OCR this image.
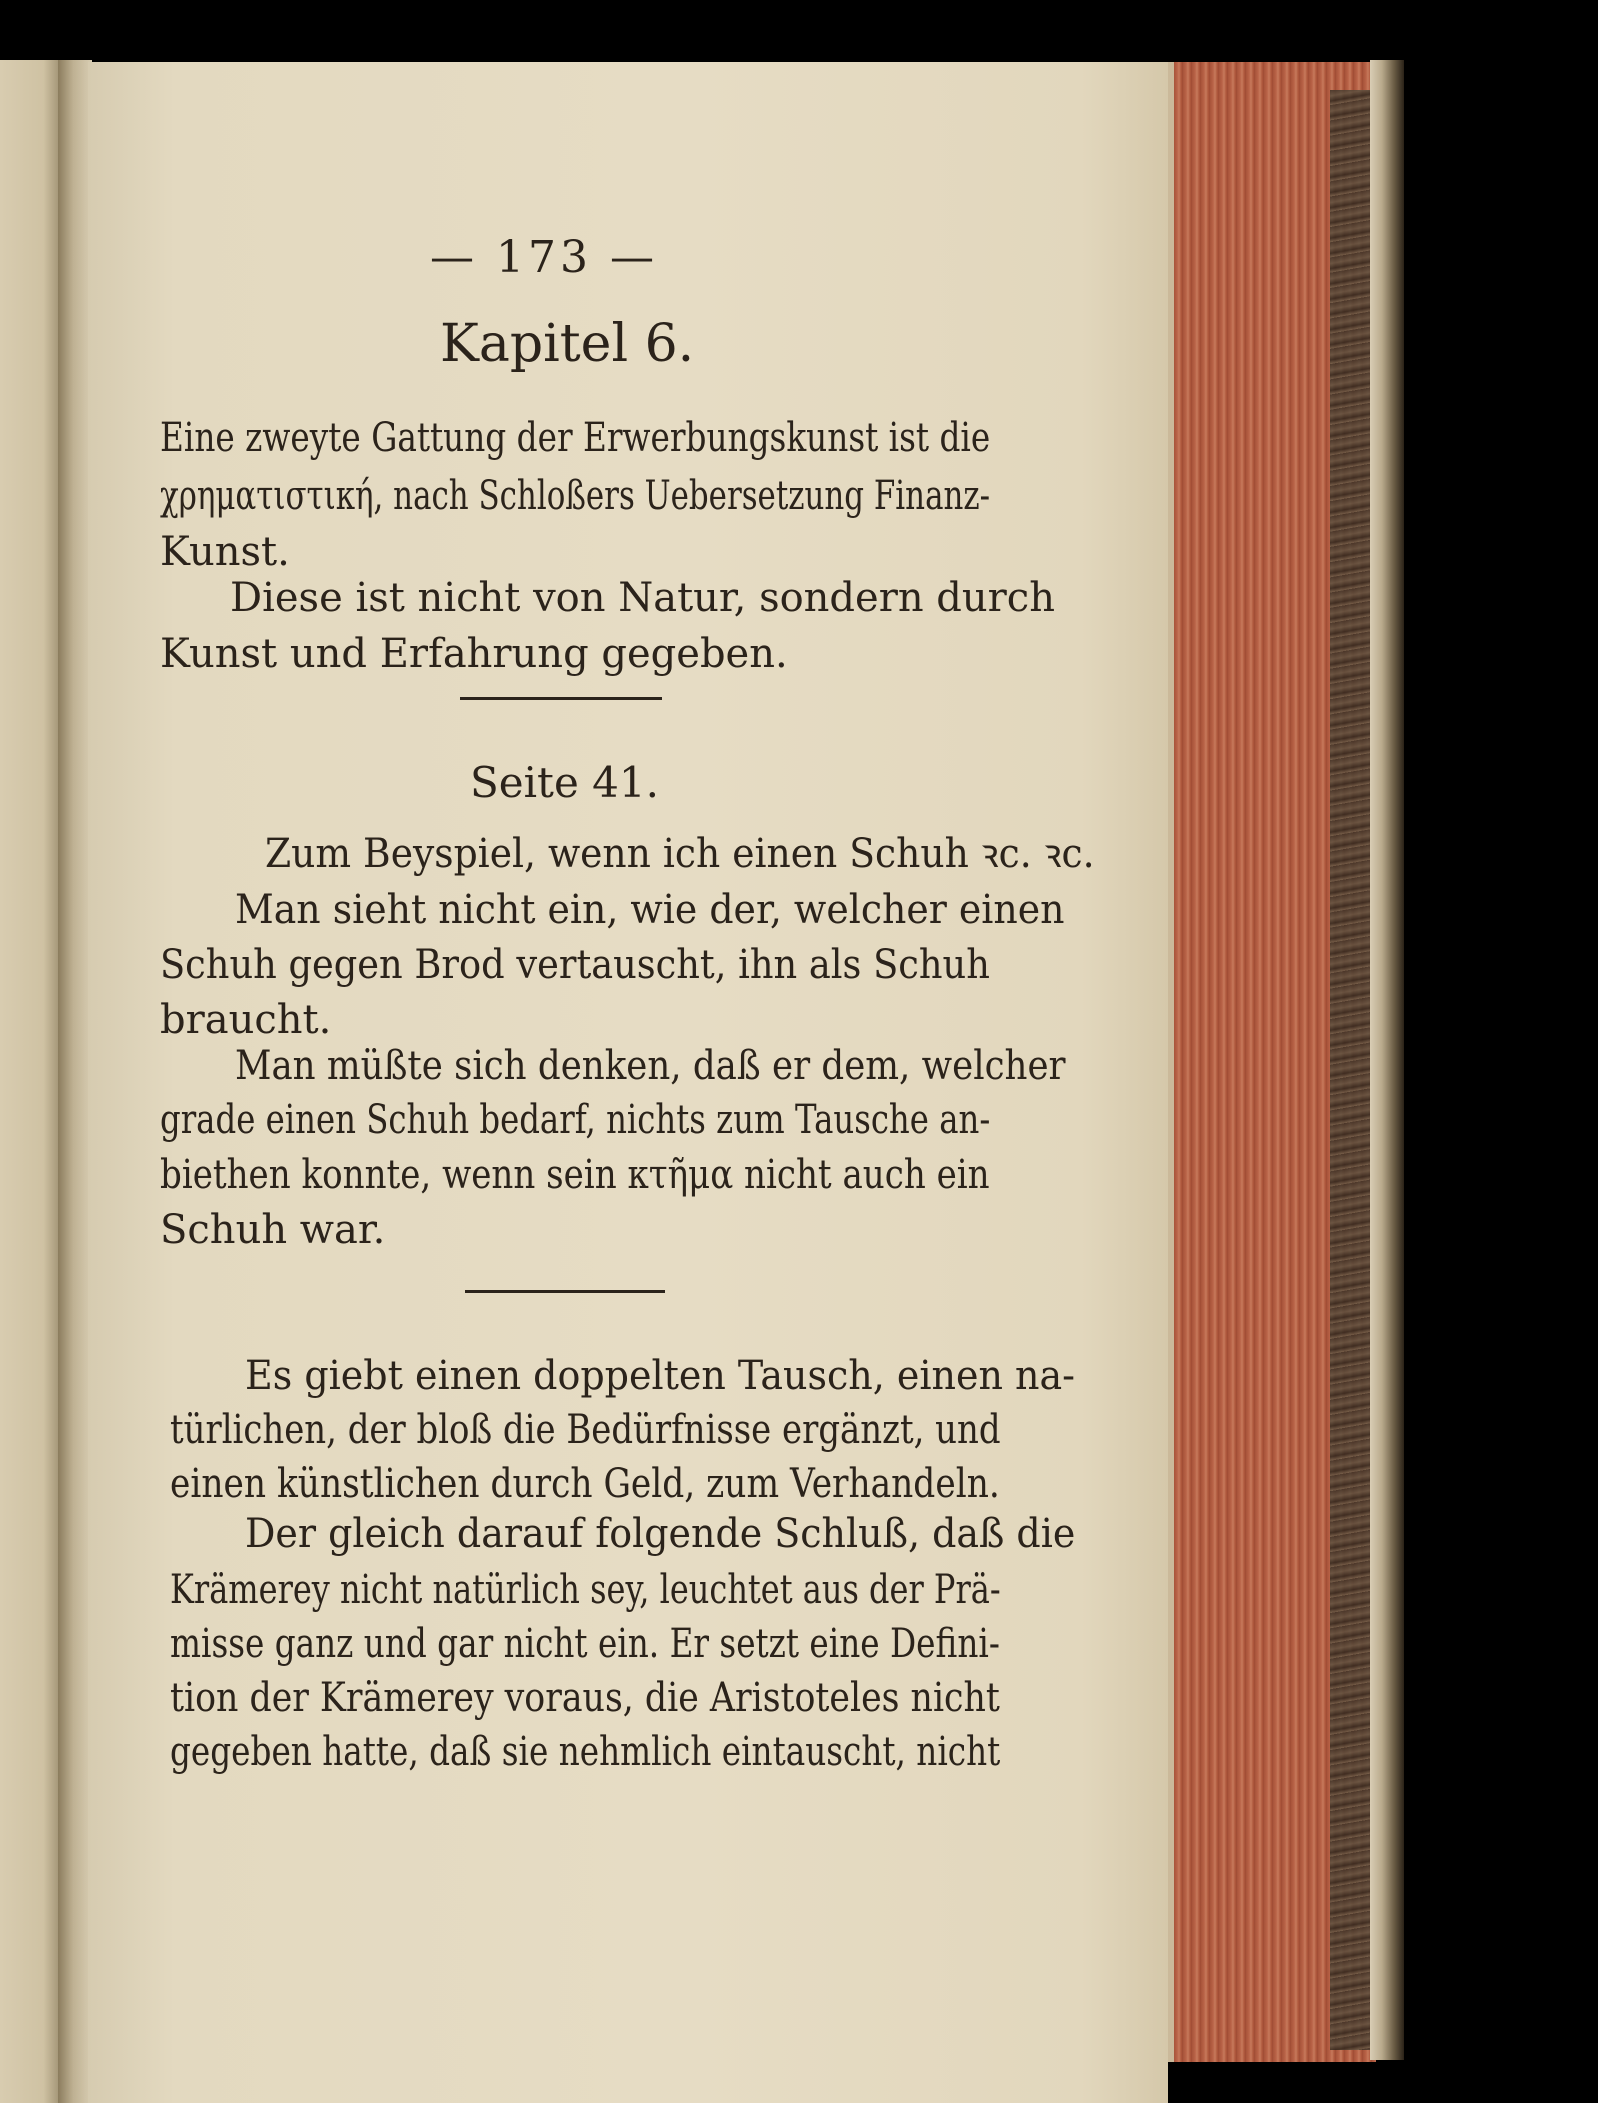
— 173 —

Kapitel 6.

Eine zweyte Gattung der Erwerbungskunst ist die

χρηματιστική, nach Schloßers Uebersetzung Finanz-

Kunst.

Diese ist nicht von Natur, sondern durch

Kunst und Erfahrung gegeben.

Seite 41.

Zum Beyspiel, wenn ich einen Schuh ꝛc. ꝛc.

Man sieht nicht ein, wie der, welcher einen

Schuh gegen Brod vertauscht, ihn als Schuh

braucht.

Man müßte sich denken, daß er dem, welcher

grade einen Schuh bedarf, nichts zum Tausche an-

biethen konnte, wenn sein κτῆμα nicht auch ein

Schuh war.

Es giebt einen doppelten Tausch, einen na-

türlichen, der bloß die Bedürfnisse ergänzt, und

einen künstlichen durch Geld, zum Verhandeln.

Der gleich darauf folgende Schluß, daß die

Krämerey nicht natürlich sey, leuchtet aus der Prä-

misse ganz und gar nicht ein. Er setzt eine Defini-

tion der Krämerey voraus, die Aristoteles nicht

gegeben hatte, daß sie nehmlich eintauscht, nicht
